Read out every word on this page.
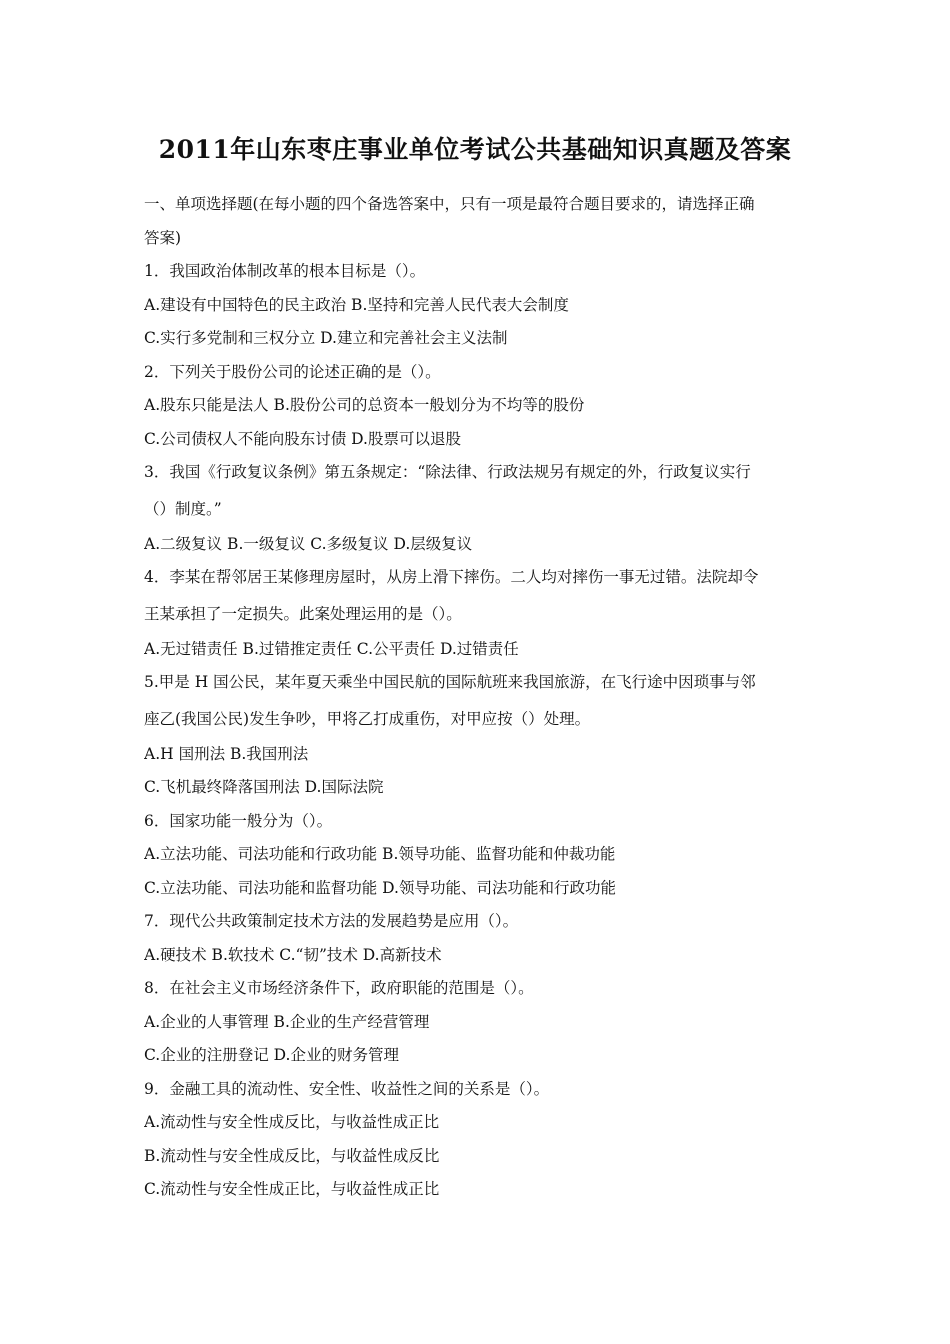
2011年山东枣庄事业单位考试公共基础知识真题及答案
一、单项选择题(在每小题的四个备选答案中，只有一项是最符合题目要求的，请选择正确
答案)
1．我国政治体制改革的根本目标是（）。
A.建设有中国特色的民主政治 B.坚持和完善人民代表大会制度
C.实行多党制和三权分立 D.建立和完善社会主义法制
2．下列关于股份公司的论述正确的是（）。
A.股东只能是法人 B.股份公司的总资本一般划分为不均等的股份
C.公司债权人不能向股东讨债 D.股票可以退股
3．我国《行政复议条例》第五条规定：“除法律、行政法规另有规定的外，行政复议实行
（）制度。”
A.二级复议 B.一级复议 C.多级复议 D.层级复议
4．李某在帮邻居王某修理房屋时，从房上滑下摔伤。二人均对摔伤一事无过错。法院却令
王某承担了一定损失。此案处理运用的是（）。
A.无过错责任 B.过错推定责任 C.公平责任 D.过错责任
5.甲是 H 国公民，某年夏天乘坐中国民航的国际航班来我国旅游，在飞行途中因琐事与邻
座乙(我国公民)发生争吵，甲将乙打成重伤，对甲应按（）处理。
A.H 国刑法 B.我国刑法
C.飞机最终降落国刑法 D.国际法院
6．国家功能一般分为（）。
A.立法功能、司法功能和行政功能 B.领导功能、监督功能和仲裁功能
C.立法功能、司法功能和监督功能 D.领导功能、司法功能和行政功能
7．现代公共政策制定技术方法的发展趋势是应用（）。
A.硬技术 B.软技术 C.“韧”技术 D.高新技术
8．在社会主义市场经济条件下，政府职能的范围是（）。
A.企业的人事管理 B.企业的生产经营管理
C.企业的注册登记 D.企业的财务管理
9．金融工具的流动性、安全性、收益性之间的关系是（）。
A.流动性与安全性成反比，与收益性成正比
B.流动性与安全性成反比，与收益性成反比
C.流动性与安全性成正比，与收益性成正比
